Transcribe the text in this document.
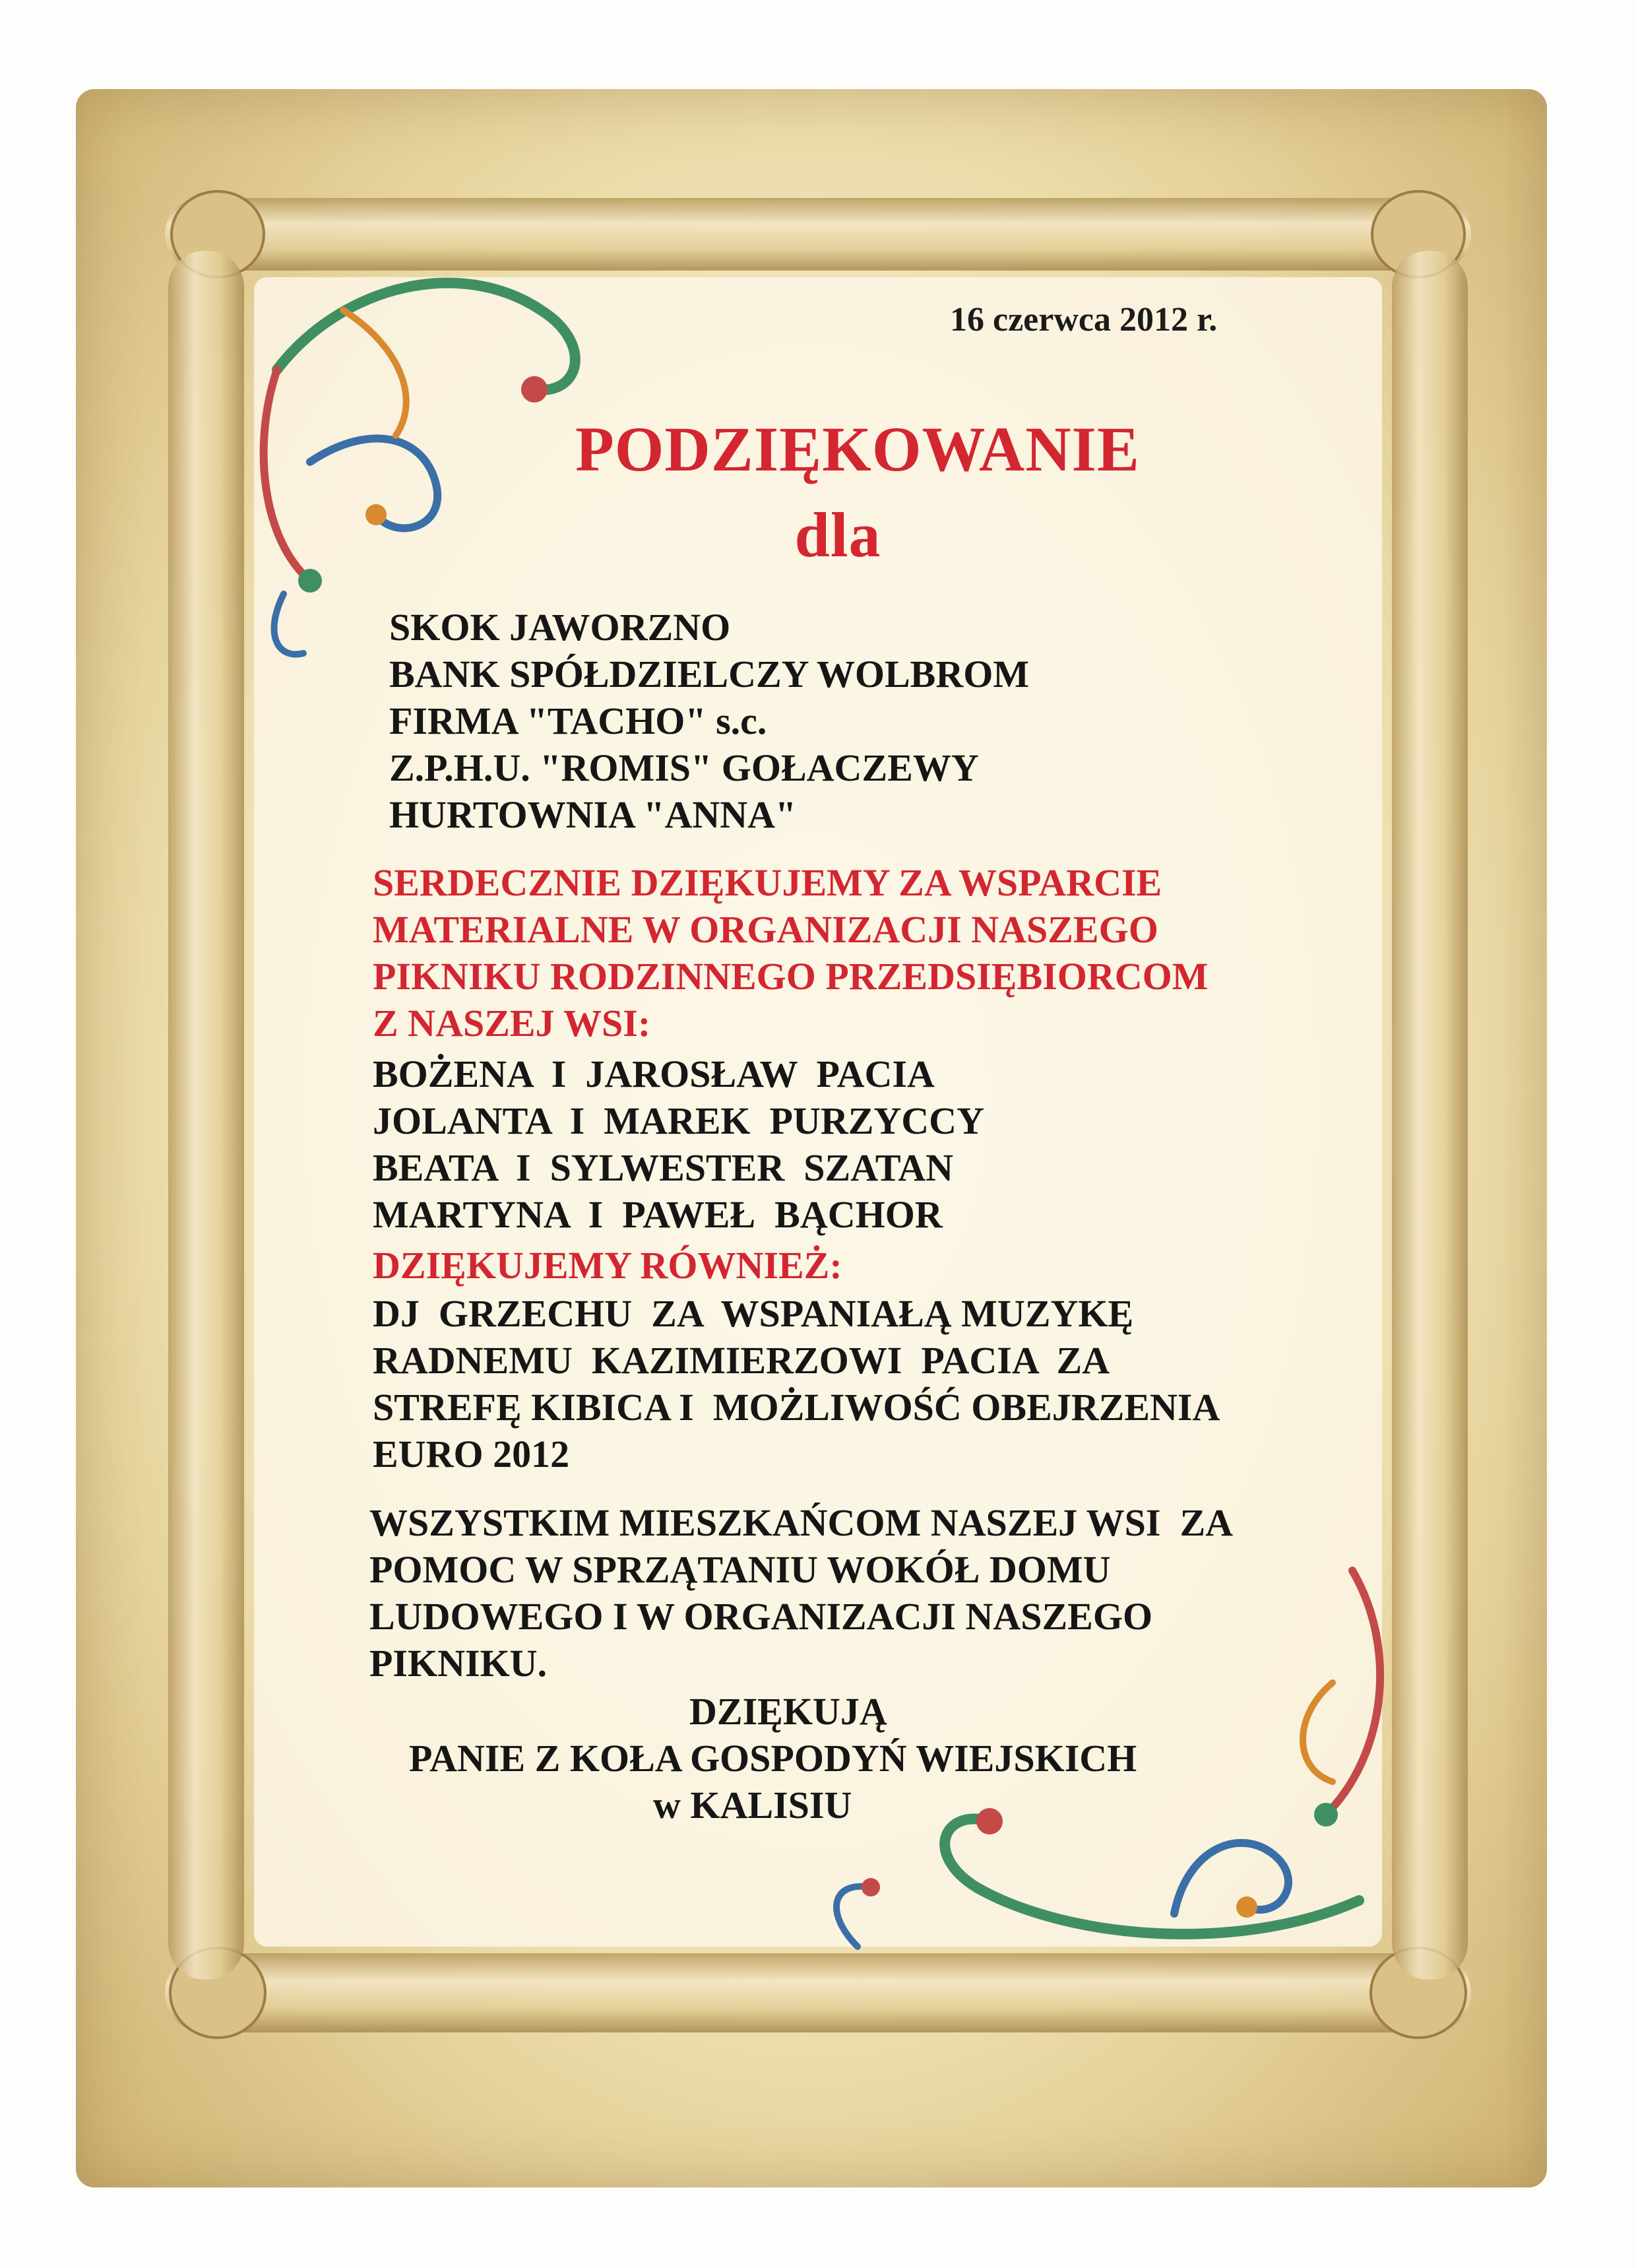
16 czerwca 2012 r.
PODZIĘKOWANIE
dla
SKOK JAWORZNO
BANK SPÓŁDZIELCZY WOLBROM
FIRMA "TACHO" s.c.
Z.P.H.U. "ROMIS" GOŁACZEWY
HURTOWNIA "ANNA"
SERDECZNIE DZIĘKUJEMY ZA WSPARCIE
MATERIALNE W ORGANIZACJI NASZEGO
PIKNIKU RODZINNEGO PRZEDSIĘBIORCOM
Z NASZEJ WSI:
BOŻENA  I  JAROSŁAW  PACIA
JOLANTA  I  MAREK  PURZYCCY
BEATA  I  SYLWESTER  SZATAN
MARTYNA  I  PAWEŁ  BĄCHOR
DZIĘKUJEMY RÓWNIEŻ:
DJ  GRZECHU  ZA  WSPANIAŁĄ MUZYKĘ
RADNEMU  KAZIMIERZOWI  PACIA  ZA
STREFĘ KIBICA I  MOŻLIWOŚĆ OBEJRZENIA
EURO 2012
WSZYSTKIM MIESZKAŃCOM NASZEJ WSI  ZA
POMOC W SPRZĄTANIU WOKÓŁ DOMU
LUDOWEGO I W ORGANIZACJI NASZEGO
PIKNIKU.
DZIĘKUJĄ
PANIE Z KOŁA GOSPODYŃ WIEJSKICH
w KALISIU
